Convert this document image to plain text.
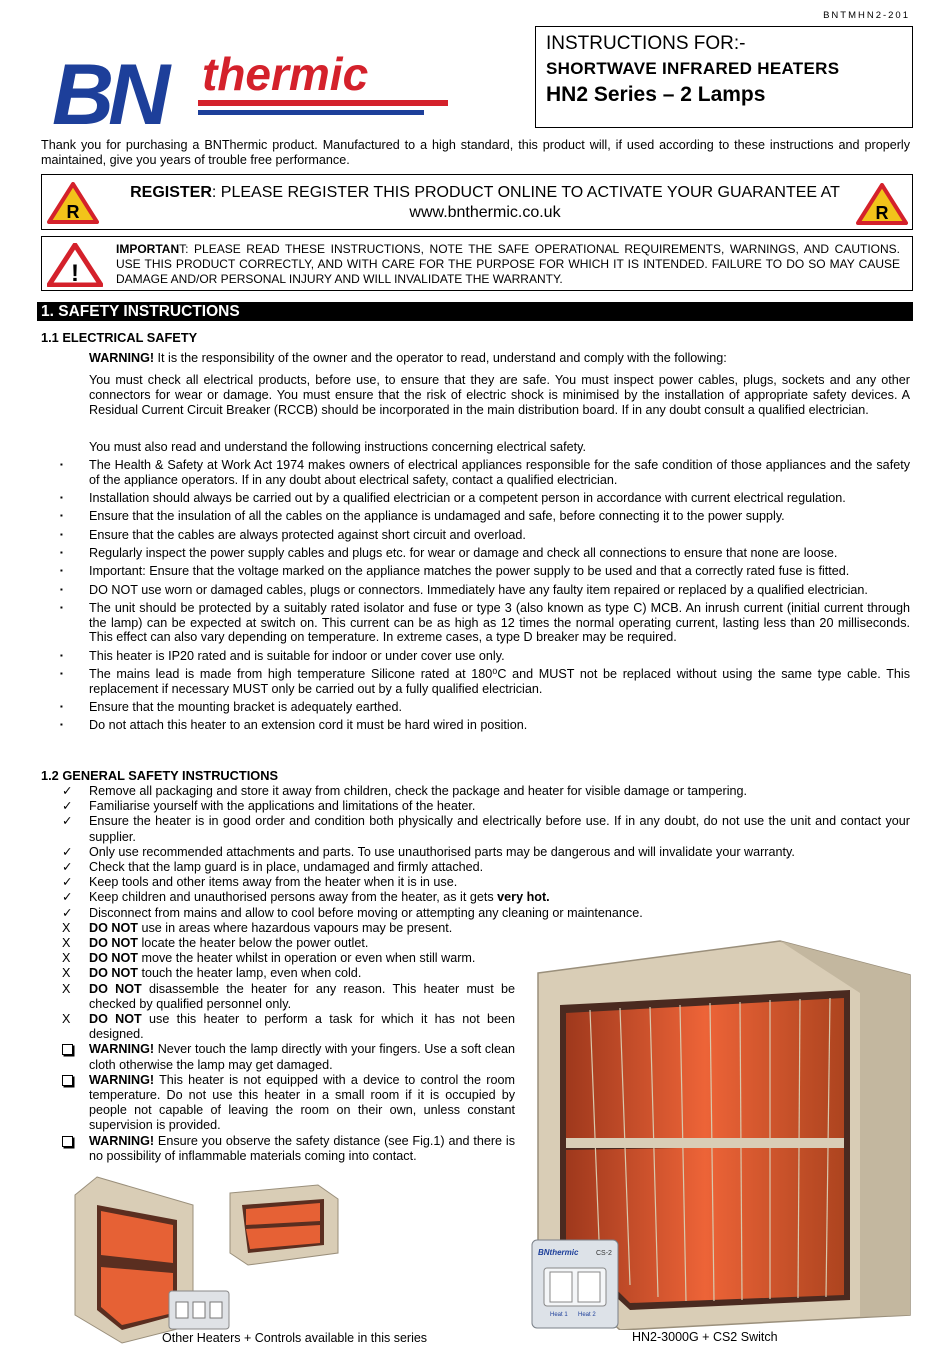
BNTMHN2-201
BN thermic
INSTRUCTIONS FOR:-
SHORTWAVE INFRARED HEATERS
HN2 Series – 2 Lamps
Thank you for purchasing a BNThermic product. Manufactured to a high standard, this product will, if used according to these instructions and properly maintained, give you years of trouble free performance.
R	R
REGISTER: PLEASE REGISTER THIS PRODUCT ONLINE TO ACTIVATE YOUR GUARANTEE AT
www.bnthermic.co.uk
!
IMPORTANT: PLEASE READ THESE INSTRUCTIONS, NOTE THE SAFE OPERATIONAL REQUIREMENTS, WARNINGS, AND CAUTIONS. USE THIS PRODUCT CORRECTLY, AND WITH CARE FOR THE PURPOSE FOR WHICH IT IS INTENDED. FAILURE TO DO SO MAY CAUSE DAMAGE AND/OR PERSONAL INJURY AND WILL INVALIDATE THE WARRANTY.
1. SAFETY INSTRUCTIONS
1.1 ELECTRICAL SAFETY
WARNING! It is the responsibility of the owner and the operator to read, understand and comply with the following:
You must check all electrical products, before use, to ensure that they are safe. You must inspect power cables, plugs, sockets and any other connectors for wear or damage. You must ensure that the risk of electric shock is minimised by the installation of appropriate safety devices. A Residual Current Circuit Breaker (RCCB) should be incorporated in the main distribution board. If in any doubt consult a qualified electrician.
You must also read and understand the following instructions concerning electrical safety.
▪ The Health & Safety at Work Act 1974 makes owners of electrical appliances responsible for the safe condition of those appliances and the safety of the appliance operators. If in any doubt about electrical safety, contact a qualified electrician.
▪ Installation should always be carried out by a qualified electrician or a competent person in accordance with current electrical regulation.
▪ Ensure that the insulation of all the cables on the appliance is undamaged and safe, before connecting it to the power supply.
▪ Ensure that the cables are always protected against short circuit and overload.
▪ Regularly inspect the power supply cables and plugs etc. for wear or damage and check all connections to ensure that none are loose.
▪ Important: Ensure that the voltage marked on the appliance matches the power supply to be used and that a correctly rated fuse is fitted.
▪ DO NOT use worn or damaged cables, plugs or connectors. Immediately have any faulty item repaired or replaced by a qualified electrician.
▪ The unit should be protected by a suitably rated isolator and fuse or type 3 (also known as type C) MCB. An inrush current (initial current through the lamp) can be expected at switch on. This current can be as high as 12 times the normal operating current, lasting less than 20 milliseconds. This effect can also vary depending on temperature. In extreme cases, a type D breaker may be required.
▪ This heater is IP20 rated and is suitable for indoor or under cover use only.
▪ The mains lead is made from high temperature Silicone rated at 180⁰C and MUST not be replaced without using the same type cable. This replacement if necessary MUST only be carried out by a fully qualified electrician.
▪ Ensure that the mounting bracket is adequately earthed.
▪ Do not attach this heater to an extension cord it must be hard wired in position.
1.2 GENERAL SAFETY INSTRUCTIONS
✓ Remove all packaging and store it away from children, check the package and heater for visible damage or tampering.
✓ Familiarise yourself with the applications and limitations of the heater.
✓ Ensure the heater is in good order and condition both physically and electrically before use. If in any doubt, do not use the unit and contact your supplier.
✓ Only use recommended attachments and parts. To use unauthorised parts may be dangerous and will invalidate your warranty.
✓ Check that the lamp guard is in place, undamaged and firmly attached.
✓ Keep tools and other items away from the heater when it is in use.
✓ Keep children and unauthorised persons away from the heater, as it gets very hot.
✓ Disconnect from mains and allow to cool before moving or attempting any cleaning or maintenance.
X DO NOT use in areas where hazardous vapours may be present.
X DO NOT locate the heater below the power outlet.
X DO NOT move the heater whilst in operation or even when still warm.
X DO NOT touch the heater lamp, even when cold.
X DO NOT disassemble the heater for any reason. This heater must be checked by qualified personnel only.
X DO NOT use this heater to perform a task for which it has not been designed.
WARNING! Never touch the lamp directly with your fingers. Use a soft clean cloth otherwise the lamp may get damaged.
WARNING! This heater is not equipped with a device to control the room temperature. Do not use this heater in a small room if it is occupied by people not capable of leaving the room on their own, unless constant supervision is provided.
WARNING! Ensure you observe the safety distance (see Fig.1) and there is no possibility of inflammable materials coming into contact.
BNthermic	CS-2
Heat 1 Heat 2
Other Heaters + Controls available in this series	HN2-3000G + CS2 Switch
